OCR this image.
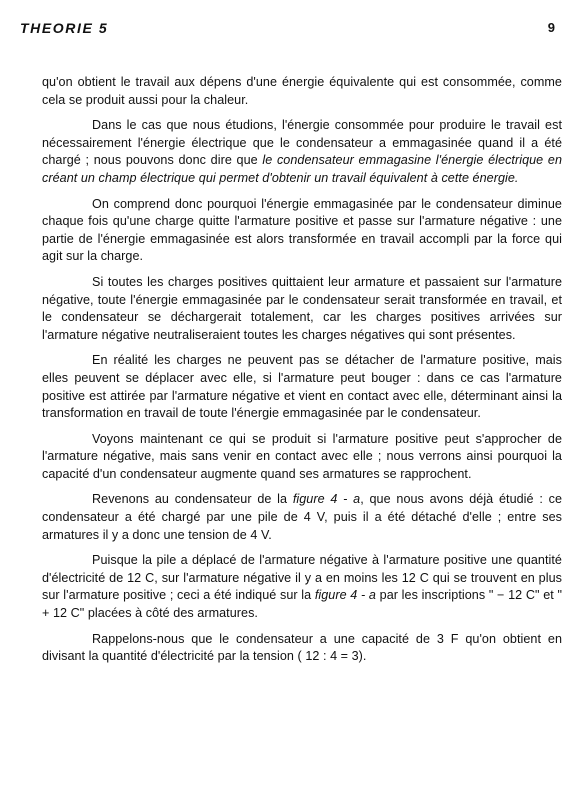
THEORIE 5	9

qu'on obtient le travail aux dépens d'une énergie équivalente qui est consommée, comme cela se produit aussi pour la chaleur.

Dans le cas que nous étudions, l'énergie consommée pour produire le travail est nécessairement l'énergie électrique que le condensateur a emmagasinée quand il a été chargé ; nous pouvons donc dire que le condensateur emmagasine l'énergie électrique en créant un champ électrique qui permet d'obtenir un travail équivalent à cette énergie.

On comprend donc pourquoi l'énergie emmagasinée par le condensateur diminue chaque fois qu'une charge quitte l'armature positive et passe sur l'armature négative : une partie de l'énergie emmagasinée est alors transformée en travail accompli par la force qui agit sur la charge.

Si toutes les charges positives quittaient leur armature et passaient sur l'armature négative, toute l'énergie emmagasinée par le condensateur serait transformée en travail, et le condensateur se déchargerait totalement, car les charges positives arrivées sur l'armature négative neutraliseraient toutes les charges négatives qui sont présentes.

En réalité les charges ne peuvent pas se détacher de l'armature positive, mais elles peuvent se déplacer avec elle, si l'armature peut bouger : dans ce cas l'armature positive est attirée par l'armature négative et vient en contact avec elle, déterminant ainsi la transformation en travail de toute l'énergie emmagasinée par le condensateur.

Voyons maintenant ce qui se produit si l'armature positive peut s'approcher de l'armature négative, mais sans venir en contact avec elle ; nous verrons ainsi pourquoi la capacité d'un condensateur augmente quand ses armatures se rapprochent.

Revenons au condensateur de la figure 4 - a, que nous avons déjà étudié : ce condensateur a été chargé par une pile de 4 V, puis il a été détaché d'elle ; entre ses armatures il y a donc une tension de 4 V.

Puisque la pile a déplacé de l'armature négative à l'armature positive une quantité d'électricité de 12 C, sur l'armature négative il y a en moins les 12 C qui se trouvent en plus sur l'armature positive ; ceci a été indiqué sur la figure 4 - a par les inscriptions " − 12 C" et " + 12 C" placées à côté des armatures.

Rappelons-nous que le condensateur a une capacité de 3 F qu'on obtient en divisant la quantité d'électricité par la tension ( 12 : 4 = 3).
